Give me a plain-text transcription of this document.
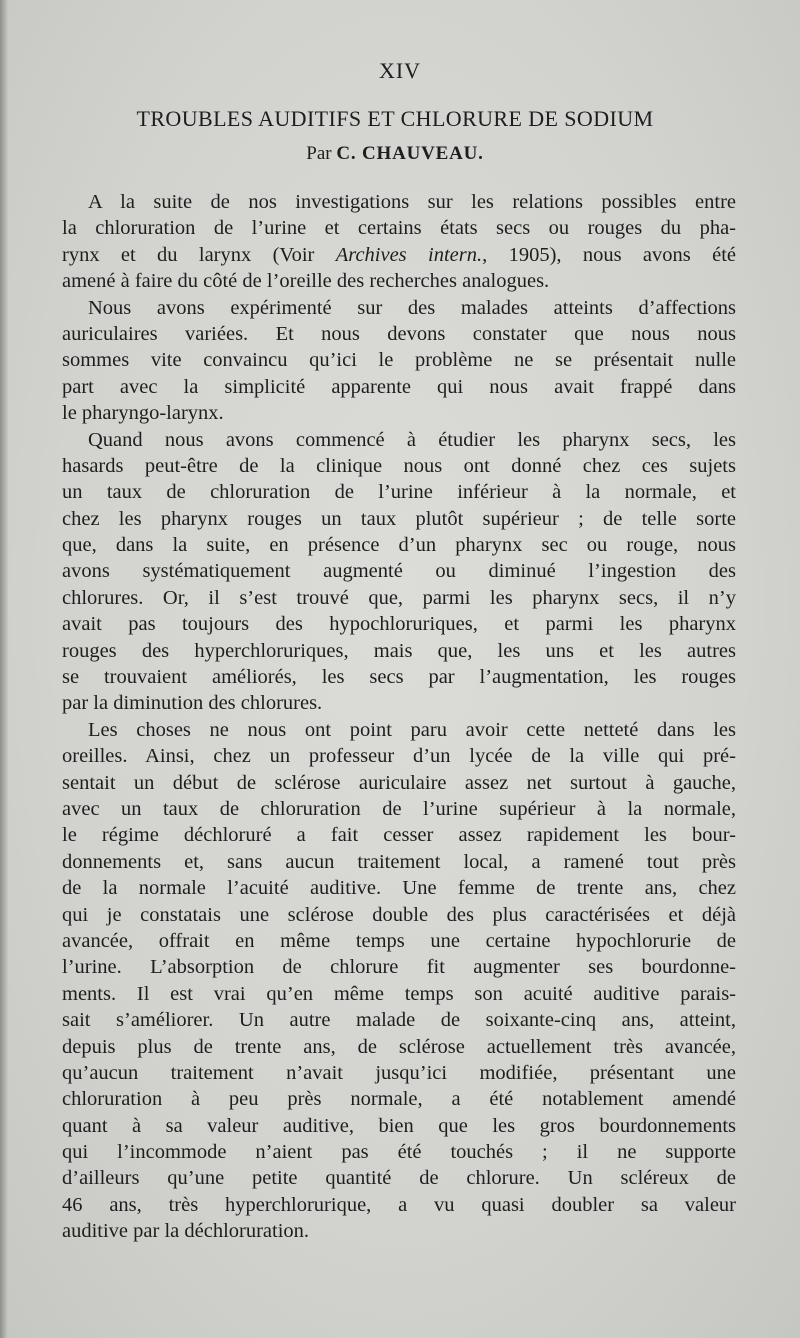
XIV
TROUBLES AUDITIFS ET CHLORURE DE SODIUM
Par C. CHAUVEAU.
A la suite de nos investigations sur les relations possibles entre
la chloruration de l’urine et certains états secs ou rouges du pha-
rynx et du larynx (Voir Archives intern., 1905), nous avons été
amené à faire du côté de l’oreille des recherches analogues.
Nous avons expérimenté sur des malades atteints d’affections
auriculaires variées. Et nous devons constater que nous nous
sommes vite convaincu qu’ici le problème ne se présentait nulle
part avec la simplicité apparente qui nous avait frappé dans
le pharyngo-larynx.
Quand nous avons commencé à étudier les pharynx secs, les
hasards peut-être de la clinique nous ont donné chez ces sujets
un taux de chloruration de l’urine inférieur à la normale, et
chez les pharynx rouges un taux plutôt supérieur ; de telle sorte
que, dans la suite, en présence d’un pharynx sec ou rouge, nous
avons systématiquement augmenté ou diminué l’ingestion des
chlorures. Or, il s’est trouvé que, parmi les pharynx secs, il n’y
avait pas toujours des hypochloruriques, et parmi les pharynx
rouges des hyperchloruriques, mais que, les uns et les autres
se trouvaient améliorés, les secs par l’augmentation, les rouges
par la diminution des chlorures.
Les choses ne nous ont point paru avoir cette netteté dans les
oreilles. Ainsi, chez un professeur d’un lycée de la ville qui pré-
sentait un début de sclérose auriculaire assez net surtout à gauche,
avec un taux de chloruration de l’urine supérieur à la normale,
le régime déchloruré a fait cesser assez rapidement les bour-
donnements et, sans aucun traitement local, a ramené tout près
de la normale l’acuité auditive. Une femme de trente ans, chez
qui je constatais une sclérose double des plus caractérisées et déjà
avancée, offrait en même temps une certaine hypochlorurie de
l’urine. L’absorption de chlorure fit augmenter ses bourdonne-
ments. Il est vrai qu’en même temps son acuité auditive parais-
sait s’améliorer. Un autre malade de soixante-cinq ans, atteint,
depuis plus de trente ans, de sclérose actuellement très avancée,
qu’aucun traitement n’avait jusqu’ici modifiée, présentant une
chloruration à peu près normale, a été notablement amendé
quant à sa valeur auditive, bien que les gros bourdonnements
qui l’incommode n’aient pas été touchés ; il ne supporte
d’ailleurs qu’une petite quantité de chlorure. Un scléreux de
46 ans, très hyperchlorurique, a vu quasi doubler sa valeur
auditive par la déchloruration.
